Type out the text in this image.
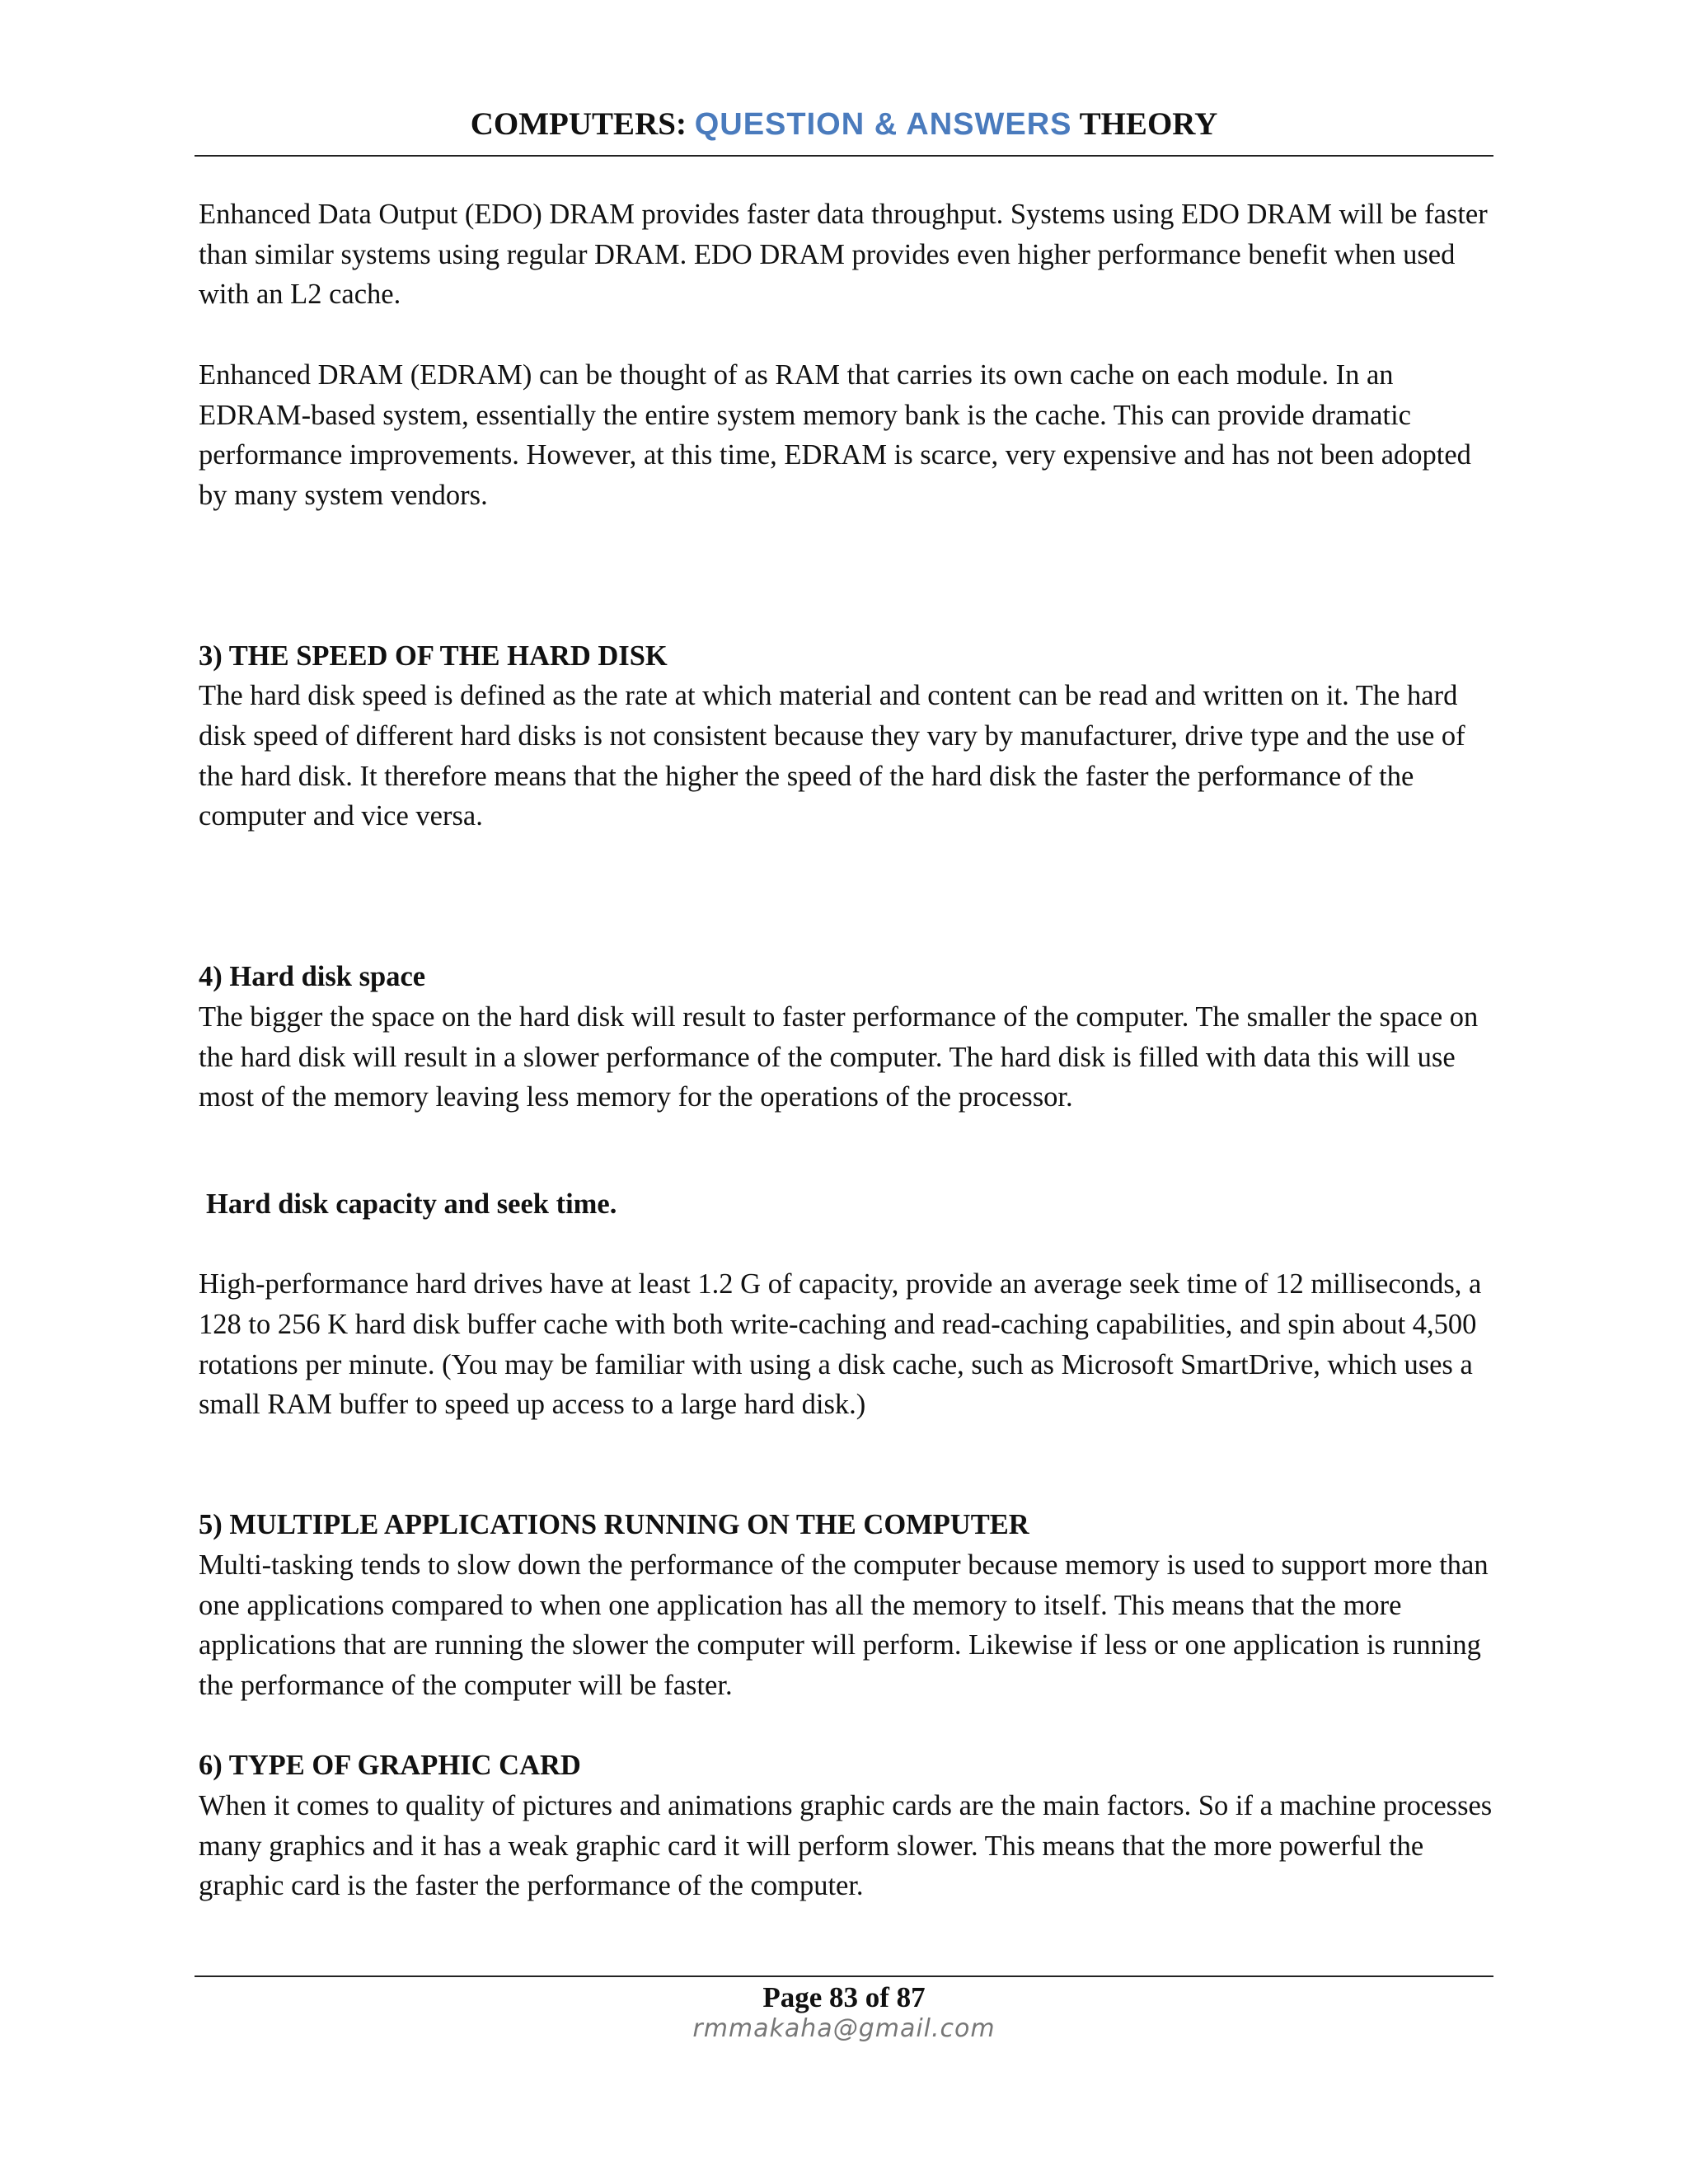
COMPUTERS: QUESTION & ANSWERS THEORY

Enhanced Data Output (EDO) DRAM provides faster data throughput. Systems using EDO DRAM will be faster than similar systems using regular DRAM. EDO DRAM provides even higher performance benefit when used with an L2 cache.

Enhanced DRAM (EDRAM) can be thought of as RAM that carries its own cache on each module. In an EDRAM-based system, essentially the entire system memory bank is the cache. This can provide dramatic performance improvements. However, at this time, EDRAM is scarce, very expensive and has not been adopted by many system vendors.

3) THE SPEED OF THE HARD DISK

The hard disk speed is defined as the rate at which material and content can be read and written on it. The hard disk speed of different hard disks is not consistent because they vary by manufacturer, drive type and the use of the hard disk. It therefore means that the higher the speed of the hard disk the faster the performance of the computer and vice versa.

4) Hard disk space

The bigger the space on the hard disk will result to faster performance of the computer. The smaller the space on the hard disk will result in a slower performance of the computer. The hard disk is filled with data this will use most of the memory leaving less memory for the operations of the processor.

Hard disk capacity and seek time.

High-performance hard drives have at least 1.2 G of capacity, provide an average seek time of 12 milliseconds, a 128 to 256 K hard disk buffer cache with both write-caching and read-caching capabilities, and spin about 4,500 rotations per minute. (You may be familiar with using a disk cache, such as Microsoft SmartDrive, which uses a small RAM buffer to speed up access to a large hard disk.)

5) MULTIPLE APPLICATIONS RUNNING ON THE COMPUTER

Multi-tasking tends to slow down the performance of the computer because memory is used to support more than one applications compared to when one application has all the memory to itself. This means that the more applications that are running the slower the computer will perform. Likewise if less or one application is running the performance of the computer will be faster.

6) TYPE OF GRAPHIC CARD

When it comes to quality of pictures and animations graphic cards are the main factors. So if a machine processes many graphics and it has a weak graphic card it will perform slower. This means that the more powerful the graphic card is the faster the performance of the computer.

Page 83 of 87
rmmakaha@gmail.com
